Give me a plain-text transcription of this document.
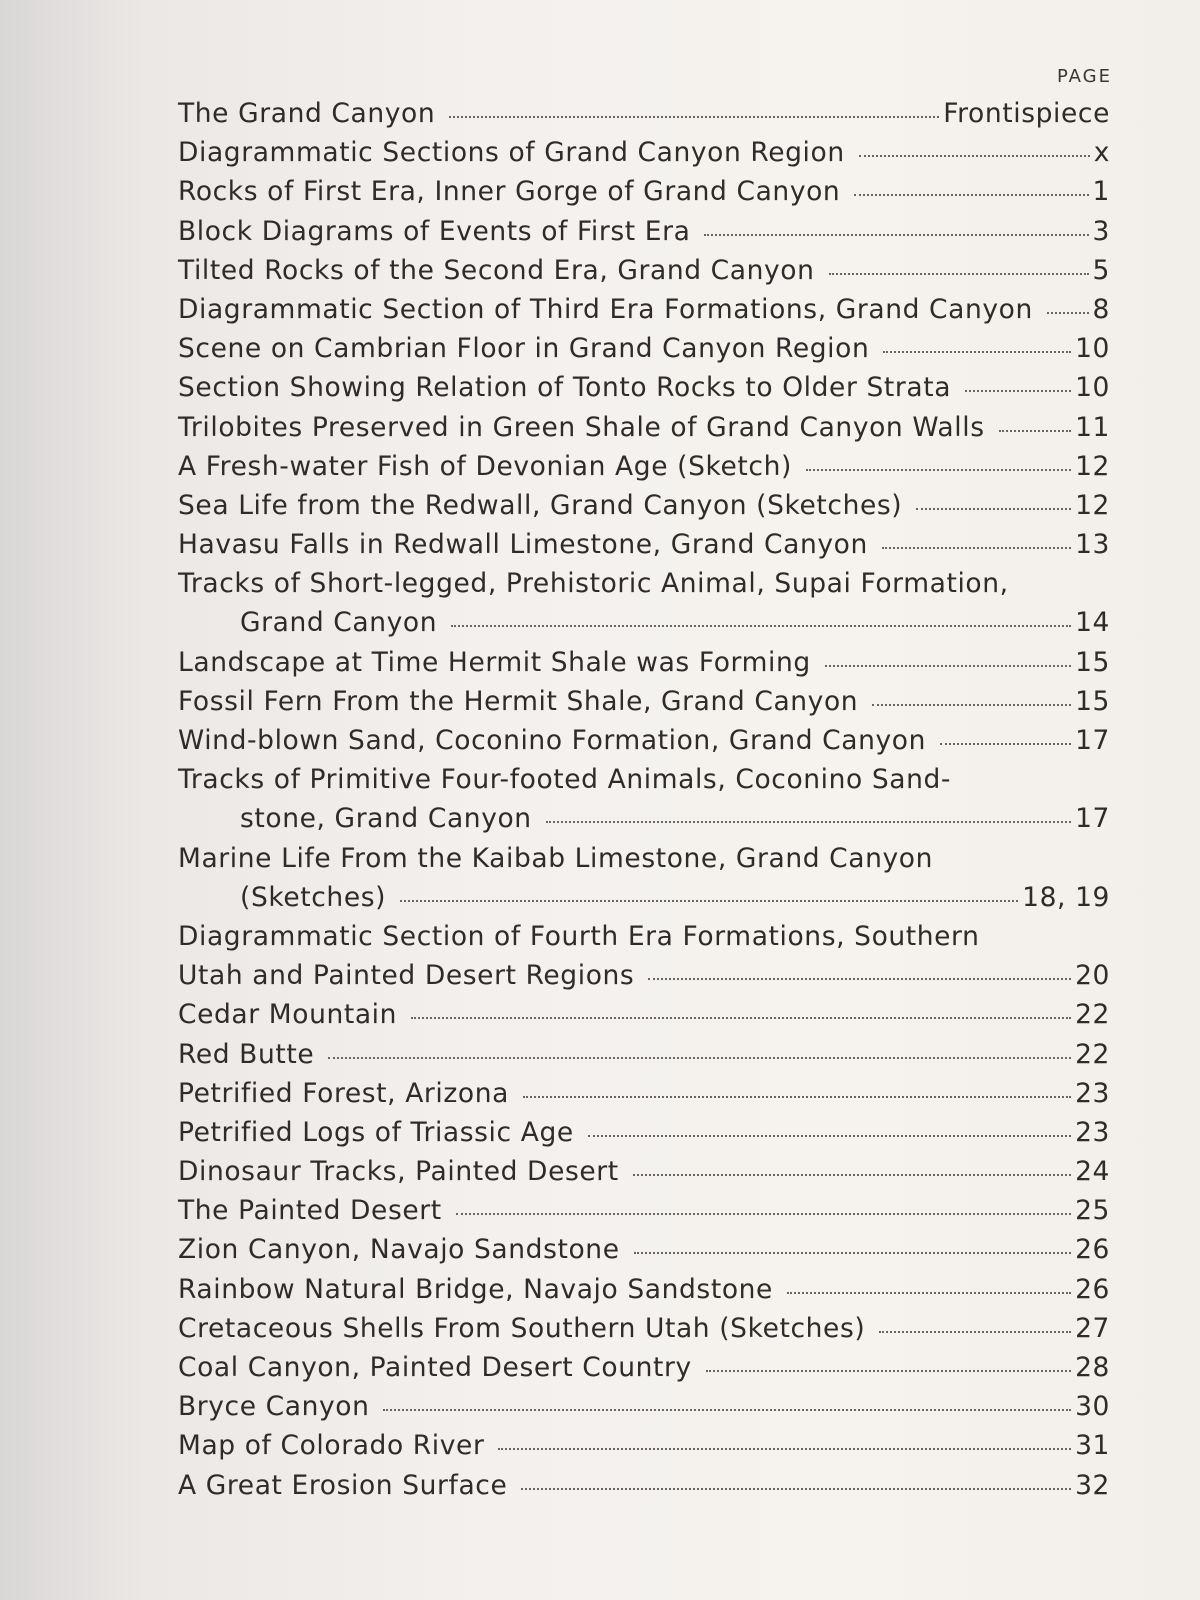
PAGE
The Grand Canyon	Frontispiece
Diagrammatic Sections of Grand Canyon Region	x
Rocks of First Era, Inner Gorge of Grand Canyon	1
Block Diagrams of Events of First Era	3
Tilted Rocks of the Second Era, Grand Canyon	5
Diagrammatic Section of Third Era Formations, Grand Canyon 8
Scene on Cambrian Floor in Grand Canyon Region	10
Section Showing Relation of Tonto Rocks to Older Strata	10
Trilobites Preserved in Green Shale of Grand Canyon Walls	11
A Fresh-water Fish of Devonian Age (Sketch)	12
Sea Life from the Redwall, Grand Canyon (Sketches)	12
Havasu Falls in Redwall Limestone, Grand Canyon	13
Tracks of Short-legged, Prehistoric Animal, Supai Formation,
Grand Canyon	14
Landscape at Time Hermit Shale was Forming	15
Fossil Fern From the Hermit Shale, Grand Canyon	15
Wind-blown Sand, Coconino Formation, Grand Canyon	17
Tracks of Primitive Four-footed Animals, Coconino Sand-
stone, Grand Canyon	17
Marine Life From the Kaibab Limestone, Grand Canyon
(Sketches)	18, 19
Diagrammatic Section of Fourth Era Formations, Southern
Utah and Painted Desert Regions	20
Cedar Mountain	22
Red Butte	22
Petrified Forest, Arizona	23
Petrified Logs of Triassic Age	23
Dinosaur Tracks, Painted Desert	24
The Painted Desert	25
Zion Canyon, Navajo Sandstone	26
Rainbow Natural Bridge, Navajo Sandstone	26
Cretaceous Shells From Southern Utah (Sketches)	27
Coal Canyon, Painted Desert Country	28
Bryce Canyon	30
Map of Colorado River	31
A Great Erosion Surface	32
